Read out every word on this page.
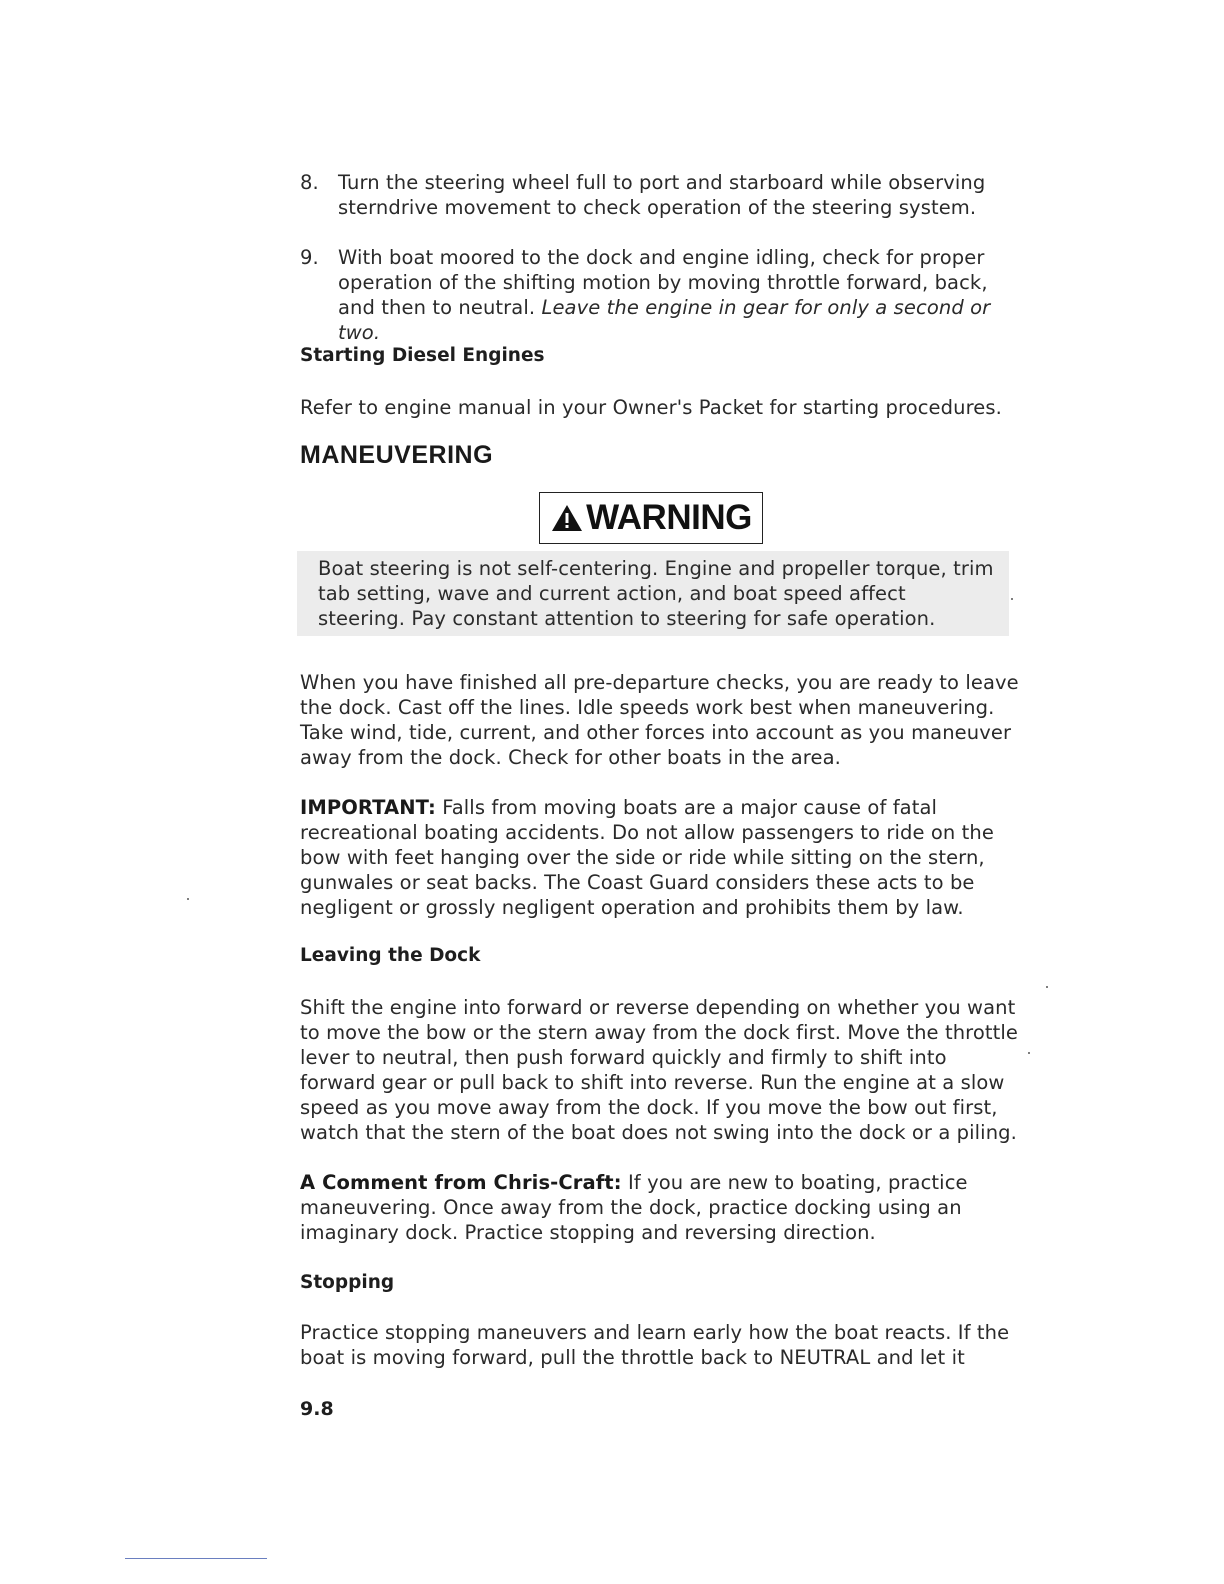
8. Turn the steering wheel full to port and starboard while observing sterndrive movement to check operation of the steering system.
9. With boat moored to the dock and engine idling, check for proper operation of the shifting motion by moving throttle forward, back, and then to neutral. Leave the engine in gear for only a second or two.
Starting Diesel Engines
Refer to engine manual in your Owner's Packet for starting procedures.
MANEUVERING
WARNING
Boat steering is not self-centering. Engine and propeller torque, trim tab setting, wave and current action, and boat speed affect steering. Pay constant attention to steering for safe operation.
When you have finished all pre-departure checks, you are ready to leave the dock. Cast off the lines. Idle speeds work best when maneuvering. Take wind, tide, current, and other forces into account as you maneuver away from the dock. Check for other boats in the area.
IMPORTANT: Falls from moving boats are a major cause of fatal recreational boating accidents. Do not allow passengers to ride on the bow with feet hanging over the side or ride while sitting on the stern, gunwales or seat backs. The Coast Guard considers these acts to be negligent or grossly negligent operation and prohibits them by law.
Leaving the Dock
Shift the engine into forward or reverse depending on whether you want to move the bow or the stern away from the dock first. Move the throttle lever to neutral, then push forward quickly and firmly to shift into forward gear or pull back to shift into reverse. Run the engine at a slow speed as you move away from the dock. If you move the bow out first, watch that the stern of the boat does not swing into the dock or a piling.
A Comment from Chris-Craft: If you are new to boating, practice maneuvering. Once away from the dock, practice docking using an imaginary dock. Practice stopping and reversing direction.
Stopping
Practice stopping maneuvers and learn early how the boat reacts. If the boat is moving forward, pull the throttle back to NEUTRAL and let it
9.8
